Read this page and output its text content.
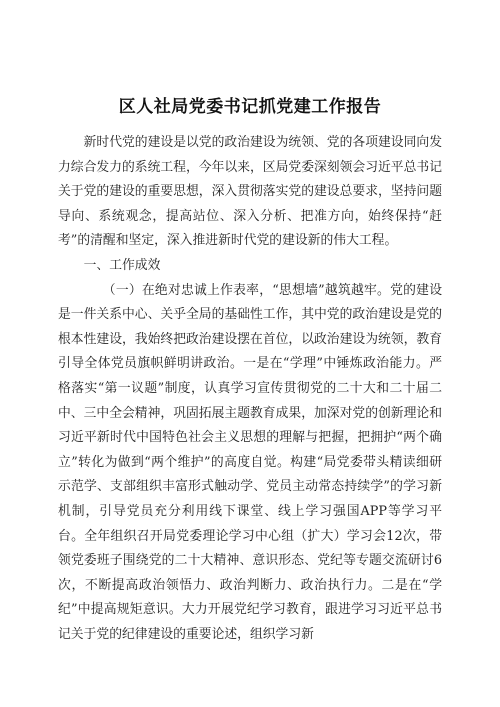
区人社局党委书记抓党建工作报告

新时代党的建设是以党的政治建设为统领、党的各项建设同向发力综合发力的系统工程，今年以来，区局党委深刻领会习近平总书记关于党的建设的重要思想，深入贯彻落实党的建设总要求，坚持问题导向、系统观念，提高站位、深入分析、把准方向，始终保持“赶考”的清醒和坚定，深入推进新时代党的建设新的伟大工程。

一、工作成效

（一）在绝对忠诚上作表率，“思想墙”越筑越牢。党的建设是一件关系中心、关乎全局的基础性工作，其中党的政治建设是党的根本性建设，我始终把政治建设摆在首位，以政治建设为统领，教育引导全体党员旗帜鲜明讲政治。一是在“学理”中锤炼政治能力。严格落实“第一议题”制度，认真学习宣传贯彻党的二十大和二十届二中、三中全会精神，巩固拓展主题教育成果，加深对党的创新理论和习近平新时代中国特色社会主义思想的理解与把握，把拥护“两个确立”转化为做到“两个维护”的高度自觉。构建“局党委带头精读细研示范学、支部组织丰富形式触动学、党员主动常态持续学”的学习新机制，引导党员充分利用线下课堂、线上学习强国APP等学习平台。全年组织召开局党委理论学习中心组（扩大）学习会12次，带领党委班子围绕党的二十大精神、意识形态、党纪等专题交流研讨6次，不断提高政治领悟力、政治判断力、政治执行力。二是在“学纪”中提高规矩意识。大力开展党纪学习教育，跟进学习习近平总书记关于党的纪律建设的重要论述，组织学习新
